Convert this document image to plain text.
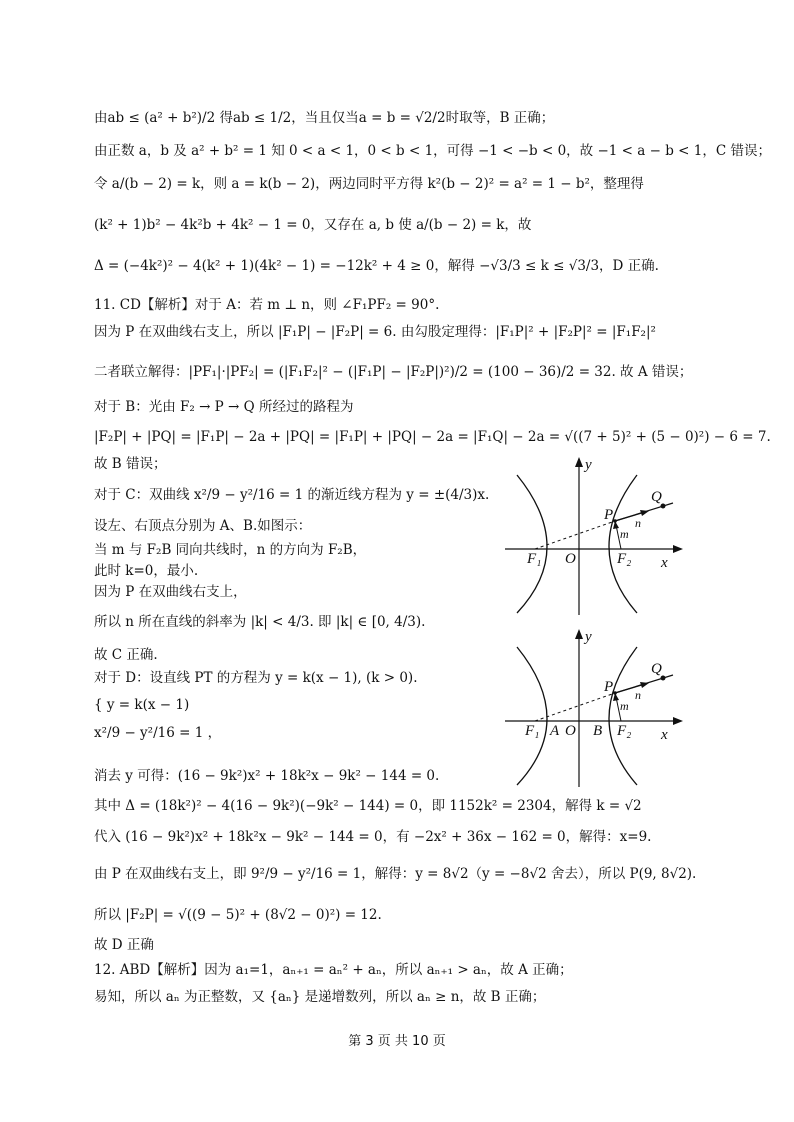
由ab ≤ (a² + b²)/2 得ab ≤ 1/2，当且仅当a = b = √2/2时取等，B 正确；
由正数 a，b 及 a² + b² = 1 知 0 < a < 1，0 < b < 1，可得 −1 < −b < 0，故 −1 < a − b < 1，C 错误；
令 a/(b − 2) = k，则 a = k(b − 2)，两边同时平方得 k²(b − 2)² = a² = 1 − b²，整理得
(k² + 1)b² − 4k²b + 4k² − 1 = 0，又存在 a, b 使 a/(b − 2) = k，故
Δ = (−4k²)² − 4(k² + 1)(4k² − 1) = −12k² + 4 ≥ 0，解得 −√3/3 ≤ k ≤ √3/3，D 正确.
11. CD【解析】对于 A：若 m ⊥ n，则 ∠F₁PF₂ = 90°.
因为 P 在双曲线右支上，所以 |F₁P| − |F₂P| = 6. 由勾股定理得：|F₁P|² + |F₂P|² = |F₁F₂|²
二者联立解得：|PF₁|·|PF₂| = (|F₁F₂|² − (|F₁P| − |F₂P|)²)/2 = (100 − 36)/2 = 32. 故 A 错误；
对于 B：光由 F₂ → P → Q 所经过的路程为
|F₂P| + |PQ| = |F₁P| − 2a + |PQ| = |F₁P| + |PQ| − 2a = |F₁Q| − 2a = √((7 + 5)² + (5 − 0)²) − 6 = 7.
故 B 错误；
对于 C：双曲线 x²/9 − y²/16 = 1 的渐近线方程为 y = ±(4/3)x.
设左、右顶点分别为 A、B.如图示：
当 m 与 F₂B 同向共线时，n 的方向为 F₂B，
此时 k=0，最小.
因为 P 在双曲线右支上，
所以 n 所在直线的斜率为 |k| < 4/3. 即 |k| ∈ [0, 4/3).
故 C 正确.
对于 D：设直线 PT 的方程为 y = k(x − 1), (k > 0).
{ y = k(x − 1)
x²/9 − y²/16 = 1 ，
消去 y 可得：(16 − 9k²)x² + 18k²x − 9k² − 144 = 0.
其中 Δ = (18k²)² − 4(16 − 9k²)(−9k² − 144) = 0，即 1152k² = 2304，解得 k = √2
代入 (16 − 9k²)x² + 18k²x − 9k² − 144 = 0，有 −2x² + 36x − 162 = 0，解得：x=9.
由 P 在双曲线右支上，即 9²/9 − y²/16 = 1，解得：y = 8√2（y = −8√2 舍去），所以 P(9, 8√2).
所以 |F₂P| = √((9 − 5)² + (8√2 − 0)²) = 12.
故 D 正确
12. ABD【解析】因为 a₁=1，aₙ₊₁ = aₙ² + aₙ，所以 aₙ₊₁ > aₙ，故 A 正确；
易知，所以 aₙ 为正整数，又 {aₙ} 是递增数列，所以 aₙ ≥ n，故 B 正确；
y
x
F₁ O	F₂
P
Q
n
m
y
x
F₁ A O B F₂
P
Q
n
m
第 3 页 共 10 页
